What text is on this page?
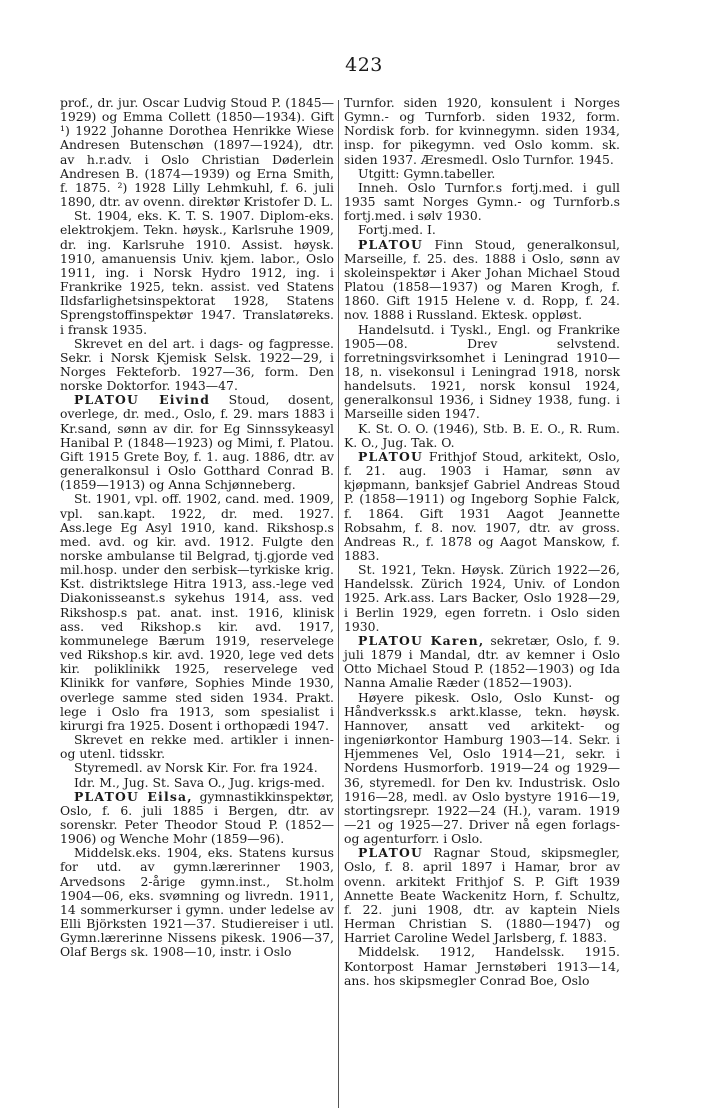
423

prof., dr. jur. Oscar Ludvig Stoud P. (1845—1929) og Emma Collett (1850—1934). Gift ¹) 1922 Johanne Dorothea Henrikke Wiese Andresen Butenschøn (1897—1924), dtr. av h.r.adv. i Oslo Christian Døderlein Andresen B. (1874—1939) og Erna Smith, f. 1875. ²) 1928 Lilly Lehmkuhl, f. 6. juli 1890, dtr. av ovenn. direktør Kristofer D. L.

St. 1904, eks. K. T. S. 1907. Diplom-eks. elektrokjem. Tekn. høysk., Karlsruhe 1909, dr. ing. Karlsruhe 1910. Assist. høysk. 1910, amanuensis Univ. kjem. labor., Oslo 1911, ing. i Norsk Hydro 1912, ing. i Frankrike 1925, tekn. assist. ved Statens Ildsfarlighetsinspektorat 1928, Statens Sprengstoffinspektør 1947. Translatøreks. i fransk 1935.

Skrevet en del art. i dags- og fagpresse. Sekr. i Norsk Kjemisk Selsk. 1922—29, i Norges Fekteforb. 1927—36, form. Den norske Doktorfor. 1943—47.

PLATOU Eivind Stoud, dosent, overlege, dr. med., Oslo, f. 29. mars 1883 i Kr.sand, sønn av dir. for Eg Sinnssykeasyl Hanibal P. (1848—1923) og Mimi, f. Platou. Gift 1915 Grete Boy, f. 1. aug. 1886, dtr. av generalkonsul i Oslo Gotthard Conrad B. (1859—1913) og Anna Schjønneberg.

St. 1901, vpl. off. 1902, cand. med. 1909, vpl. san.kapt. 1922, dr. med. 1927. Ass.lege Eg Asyl 1910, kand. Rikshosp.s med. avd. og kir. avd. 1912. Fulgte den norske ambulanse til Belgrad, tj.gjorde ved mil.hosp. under den serbisk—tyrkiske krig. Kst. distriktslege Hitra 1913, ass.-lege ved Diakonisseanst.s sykehus 1914, ass. ved Rikshosp.s pat. anat. inst. 1916, klinisk ass. ved Rikshop.s kir. avd. 1917, kommunelege Bærum 1919, reservelege ved Rikshop.s kir. avd. 1920, lege ved dets kir. poliklinikk 1925, reservelege ved Klinikk for vanføre, Sophies Minde 1930, overlege samme sted siden 1934. Prakt. lege i Oslo fra 1913, som spesialist i kirurgi fra 1925. Dosent i orthopædi 1947.

Skrevet en rekke med. artikler i innen- og utenl. tidsskr.

Styremedl. av Norsk Kir. For. fra 1924.

Idr. M., Jug. St. Sava O., Jug. krigs-med.

PLATOU Eilsa, gymnastikkinspektør, Oslo, f. 6. juli 1885 i Bergen, dtr. av sorenskr. Peter Theodor Stoud P. (1852—1906) og Wenche Mohr (1859—96).

Middelsk.eks. 1904, eks. Statens kursus for utd. av gymn.lærerinner 1903, Arvedsons 2-årige gymn.inst., St.holm 1904—06, eks. svømning og livredn. 1911, 14 sommerkurser i gymn. under ledelse av Elli Björksten 1921—37. Studiereiser i utl. Gymn.lærerinne Nissens pikesk. 1906—37, Olaf Bergs sk. 1908—10, instr. i Oslo

Turnfor. siden 1920, konsulent i Norges Gymn.- og Turnforb. siden 1932, form. Nordisk forb. for kvinnegymn. siden 1934, insp. for pikegymn. ved Oslo komm. sk. siden 1937. Æresmedl. Oslo Turnfor. 1945.

Utgitt: Gymn.tabeller.

Inneh. Oslo Turnfor.s fortj.med. i gull 1935 samt Norges Gymn.- og Turnforb.s fortj.med. i sølv 1930.

Fortj.med. I.

PLATOU Finn Stoud, generalkonsul, Marseille, f. 25. des. 1888 i Oslo, sønn av skoleinspektør i Aker Johan Michael Stoud Platou (1858—1937) og Maren Krogh, f. 1860. Gift 1915 Helene v. d. Ropp, f. 24. nov. 1888 i Russland. Ektesk. oppløst.

Handelsutd. i Tyskl., Engl. og Frankrike 1905—08. Drev selvstend. forretningsvirksomhet i Leningrad 1910—18, n. visekonsul i Leningrad 1918, norsk handelsuts. 1921, norsk konsul 1924, generalkonsul 1936, i Sidney 1938, fung. i Marseille siden 1947.

K. St. O. O. (1946), Stb. B. E. O., R. Rum. K. O., Jug. Tak. O.

PLATOU Frithjof Stoud, arkitekt, Oslo, f. 21. aug. 1903 i Hamar, sønn av kjøpmann, banksjef Gabriel Andreas Stoud P. (1858—1911) og Ingeborg Sophie Falck, f. 1864. Gift 1931 Aagot Jeannette Robsahm, f. 8. nov. 1907, dtr. av gross. Andreas R., f. 1878 og Aagot Manskow, f. 1883.

St. 1921, Tekn. Høysk. Zürich 1922—26, Handelssk. Zürich 1924, Univ. of London 1925. Ark.ass. Lars Backer, Oslo 1928—29, i Berlin 1929, egen forretn. i Oslo siden 1930.

PLATOU Karen, sekretær, Oslo, f. 9. juli 1879 i Mandal, dtr. av kemner i Oslo Otto Michael Stoud P. (1852—1903) og Ida Nanna Amalie Ræder (1852—1903).

Høyere pikesk. Oslo, Oslo Kunst- og Håndverkssk.s arkt.klasse, tekn. høysk. Hannover, ansatt ved arkitekt- og ingeniørkontor Hamburg 1903—14. Sekr. i Hjemmenes Vel, Oslo 1914—21, sekr. i Nordens Husmorforb. 1919—24 og 1929—36, styremedl. for Den kv. Industrisk. Oslo 1916—28, medl. av Oslo bystyre 1916—19, stortingsrepr. 1922—24 (H.), varam. 1919—21 og 1925—27. Driver nå egen forlags- og agenturforr. i Oslo.

PLATOU Ragnar Stoud, skipsmegler, Oslo, f. 8. april 1897 i Hamar, bror av ovenn. arkitekt Frithjof S. P. Gift 1939 Annette Beate Wackenitz Horn, f. Schultz, f. 22. juni 1908, dtr. av kaptein Niels Herman Christian S. (1880—1947) og Harriet Caroline Wedel Jarlsberg, f. 1883.

Middelsk. 1912, Handelssk. 1915. Kontorpost Hamar Jernstøberi 1913—14, ans. hos skipsmegler Conrad Boe, Oslo
